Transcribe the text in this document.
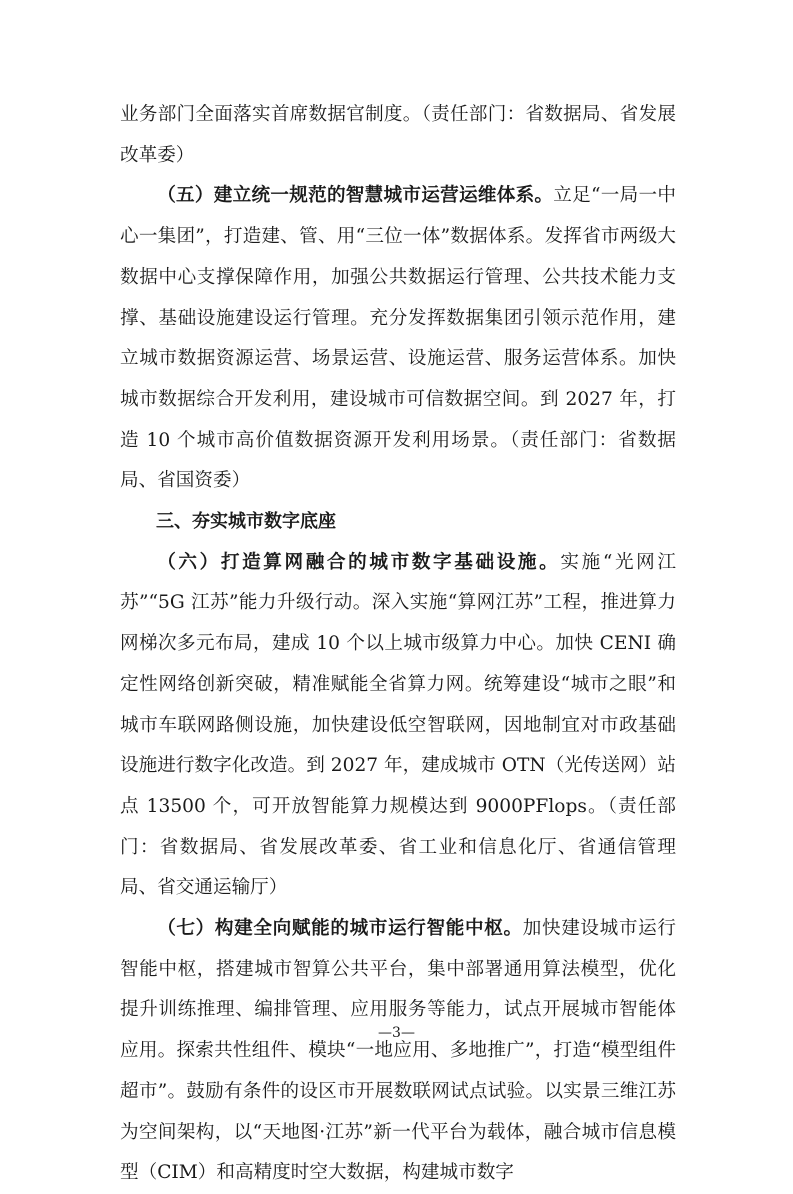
业务部门全面落实首席数据官制度。（责任部门：省数据局、省发展改革委）

（五）建立统一规范的智慧城市运营运维体系。立足“一局一中心一集团”，打造建、管、用“三位一体”数据体系。发挥省市两级大数据中心支撑保障作用，加强公共数据运行管理、公共技术能力支撑、基础设施建设运行管理。充分发挥数据集团引领示范作用，建立城市数据资源运营、场景运营、设施运营、服务运营体系。加快城市数据综合开发利用，建设城市可信数据空间。到 2027 年，打造 10 个城市高价值数据资源开发利用场景。（责任部门：省数据局、省国资委）

三、夯实城市数字底座

（六）打造算网融合的城市数字基础设施。实施“光网江苏”“5G 江苏”能力升级行动。深入实施“算网江苏”工程，推进算力网梯次多元布局，建成 10 个以上城市级算力中心。加快 CENI 确定性网络创新突破，精准赋能全省算力网。统筹建设“城市之眼”和城市车联网路侧设施，加快建设低空智联网，因地制宜对市政基础设施进行数字化改造。到 2027 年，建成城市 OTN（光传送网）站点 13500 个，可开放智能算力规模达到 9000PFlops。（责任部门：省数据局、省发展改革委、省工业和信息化厅、省通信管理局、省交通运输厅）

（七）构建全向赋能的城市运行智能中枢。加快建设城市运行智能中枢，搭建城市智算公共平台，集中部署通用算法模型，优化提升训练推理、编排管理、应用服务等能力，试点开展城市智能体应用。探索共性组件、模块“一地应用、多地推广”，打造“模型组件超市”。鼓励有条件的设区市开展数联网试点试验。以实景三维江苏为空间架构，以“天地图·江苏”新一代平台为载体，融合城市信息模型（CIM）和高精度时空大数据，构建城市数字

—3—
